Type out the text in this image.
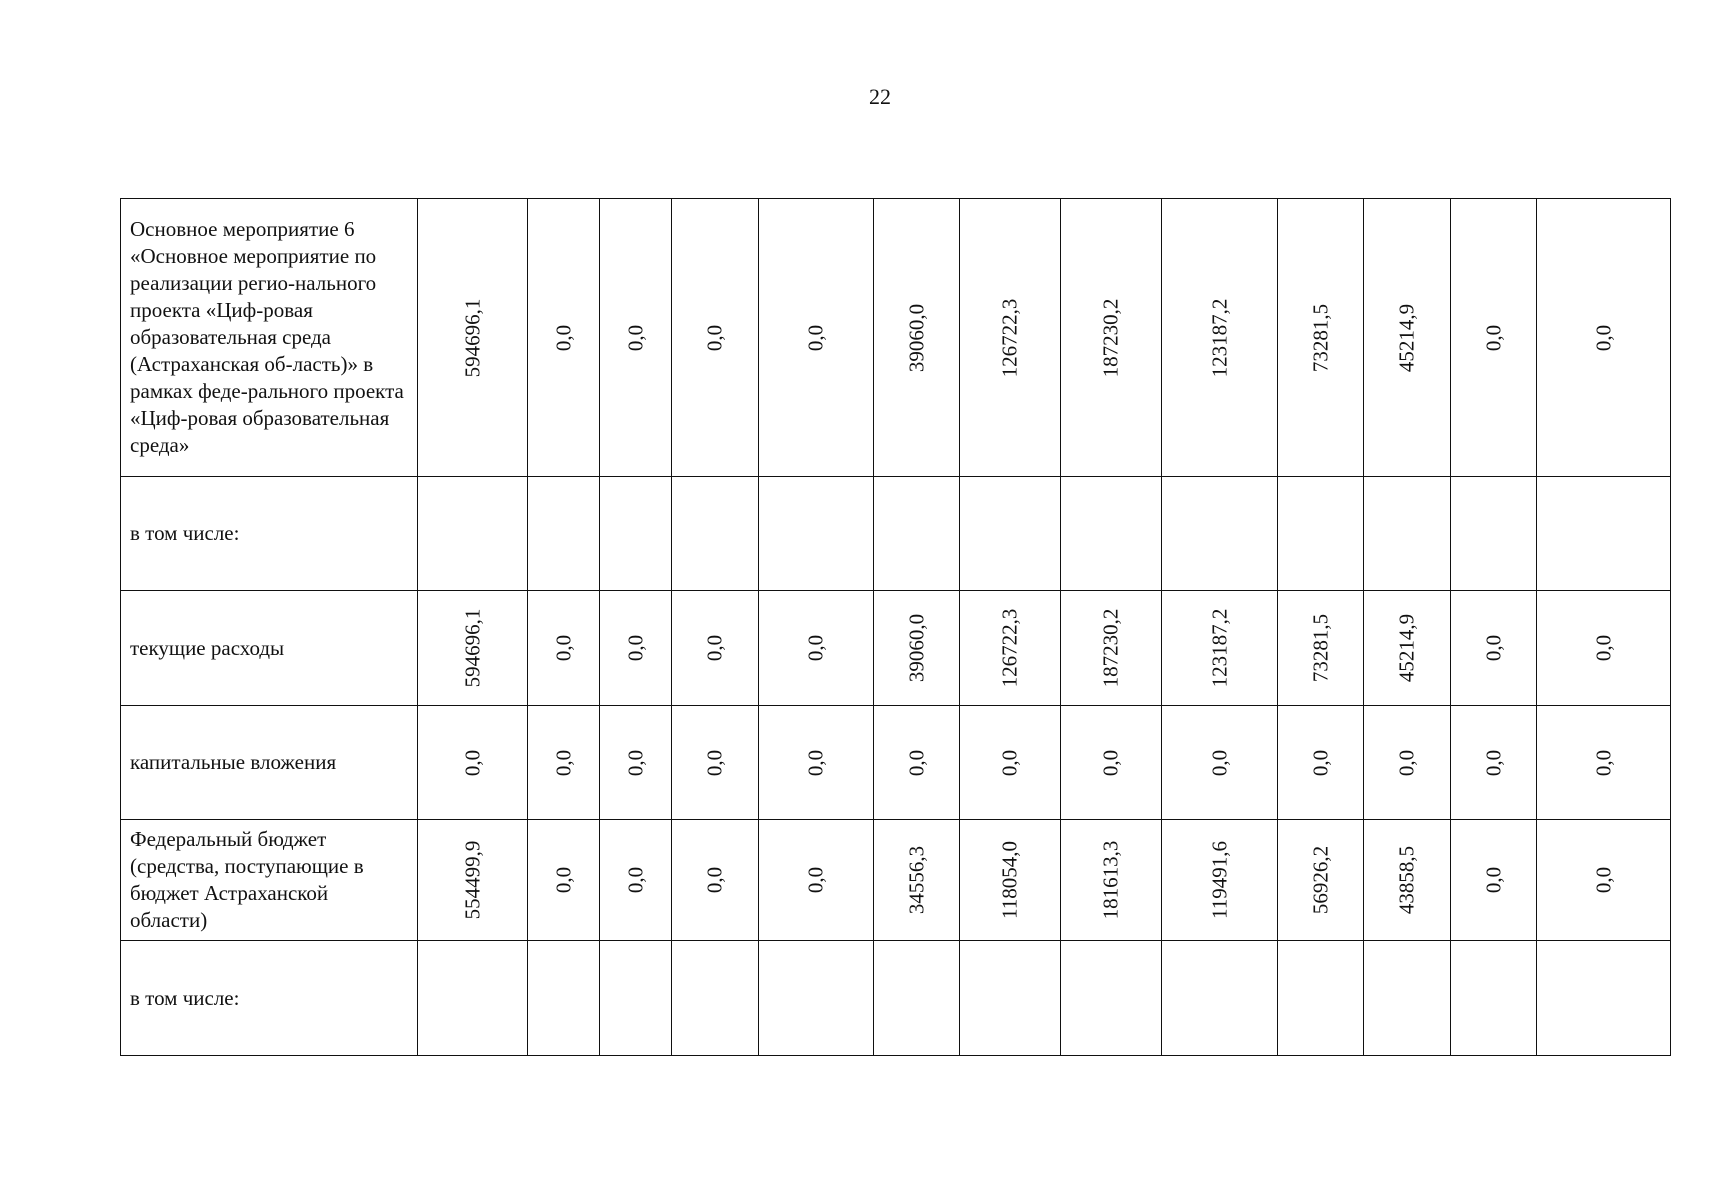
22
Основное мероприятие 6 «Основное мероприятие по реализации регио-нального проекта «Циф-ровая образовательная среда (Астраханская об-ласть)» в рамках феде-рального проекта «Циф-ровая образовательная среда»	594696,1	0,0	0,0	0,0	0,0	39060,0	126722,3	187230,2	123187,2	73281,5	45214,9	0,0	0,0

в том числе:	

текущие расходы	594696,1	0,0	0,0	0,0	0,0	39060,0	126722,3	187230,2	123187,2	73281,5	45214,9	0,0	0,0

капитальные вложения	0,0	0,0	0,0	0,0	0,0	0,0	0,0	0,0	0,0	0,0	0,0	0,0	0,0

Федеральный бюджет (средства, поступающие в бюджет Астраханской области)	554499,9	0,0	0,0	0,0	0,0	34556,3	118054,0	181613,3	119491,6	56926,2	43858,5	0,0	0,0

в том числе:	
